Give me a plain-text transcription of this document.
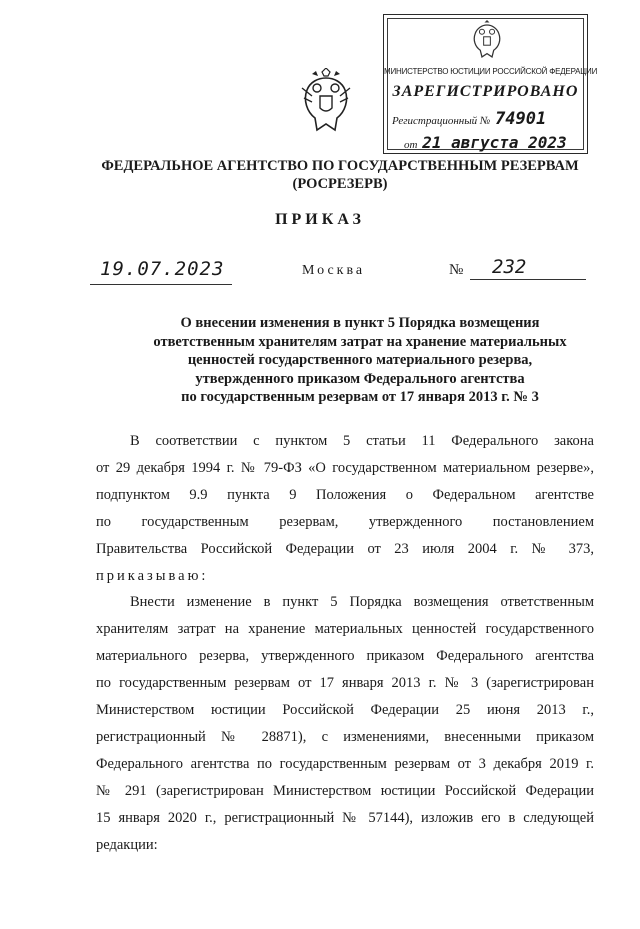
МИНИСТЕРСТВО ЮСТИЦИИ РОССИЙСКОЙ ФЕДЕРАЦИИ
ЗАРЕГИСТРИРОВАНО
Регистрационный № 74901
от 21 августа 2023
ФЕДЕРАЛЬНОЕ АГЕНТСТВО ПО ГОСУДАРСТВЕННЫМ РЕЗЕРВАМ
(РОСРЕЗЕРВ)
ПРИКАЗ
19.07.2023	Москва	№ 232
О внесении изменения в пункт 5 Порядка возмещения
ответственным хранителям затрат на хранение материальных
ценностей государственного материального резерва,
утвержденного приказом Федерального агентства
по государственным резервам от 17 января 2013 г. № 3
В соответствии с пунктом 5 статьи 11 Федерального закона
от 29 декабря 1994 г. № 79-ФЗ «О государственном материальном резерве»,
подпунктом 9.9 пункта 9 Положения о Федеральном агентстве
по государственным резервам, утвержденного постановлением
Правительства Российской Федерации от 23 июля 2004 г. № 373,
приказываю:
Внести изменение в пункт 5 Порядка возмещения ответственным
хранителям затрат на хранение материальных ценностей государственного
материального резерва, утвержденного приказом Федерального агентства
по государственным резервам от 17 января 2013 г. № 3 (зарегистрирован
Министерством юстиции Российской Федерации 25 июня 2013 г.,
регистрационный № 28871), с изменениями, внесенными приказом
Федерального агентства по государственным резервам от 3 декабря 2019 г.
№ 291 (зарегистрирован Министерством юстиции Российской Федерации
15 января 2020 г., регистрационный № 57144), изложив его в следующей
редакции:
